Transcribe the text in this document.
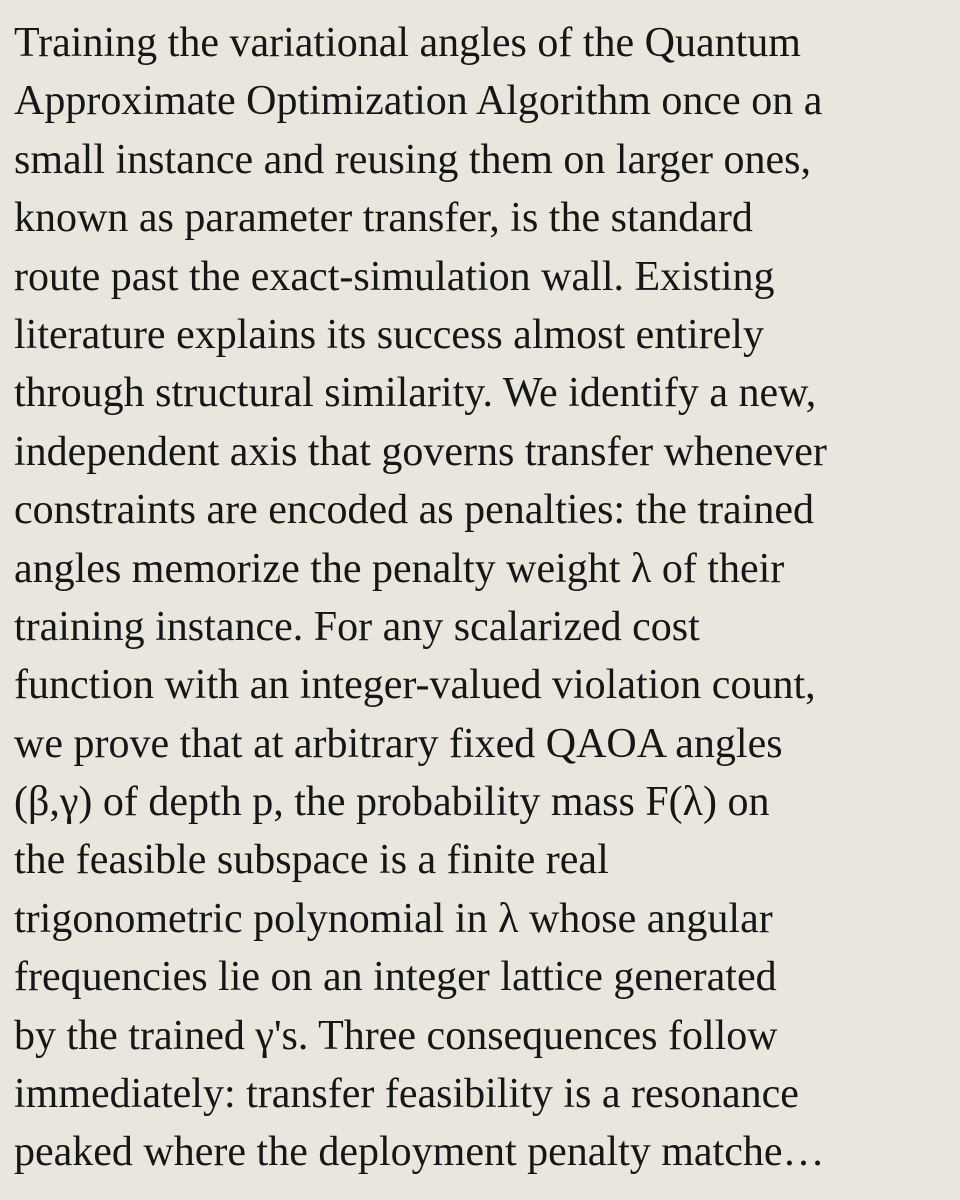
Training the variational angles of the Quantum
Approximate Optimization Algorithm once on a
small instance and reusing them on larger ones,
known as parameter transfer, is the standard
route past the exact-simulation wall. Existing
literature explains its success almost entirely
through structural similarity. We identify a new,
independent axis that governs transfer whenever
constraints are encoded as penalties: the trained
angles memorize the penalty weight λ of their
training instance. For any scalarized cost
function with an integer-valued violation count,
we prove that at arbitrary fixed QAOA angles
(β,γ) of depth p, the probability mass F(λ) on
the feasible subspace is a finite real
trigonometric polynomial in λ whose angular
frequencies lie on an integer lattice generated
by the trained γ's. Three consequences follow
immediately: transfer feasibility is a resonance
peaked where the deployment penalty matche…
